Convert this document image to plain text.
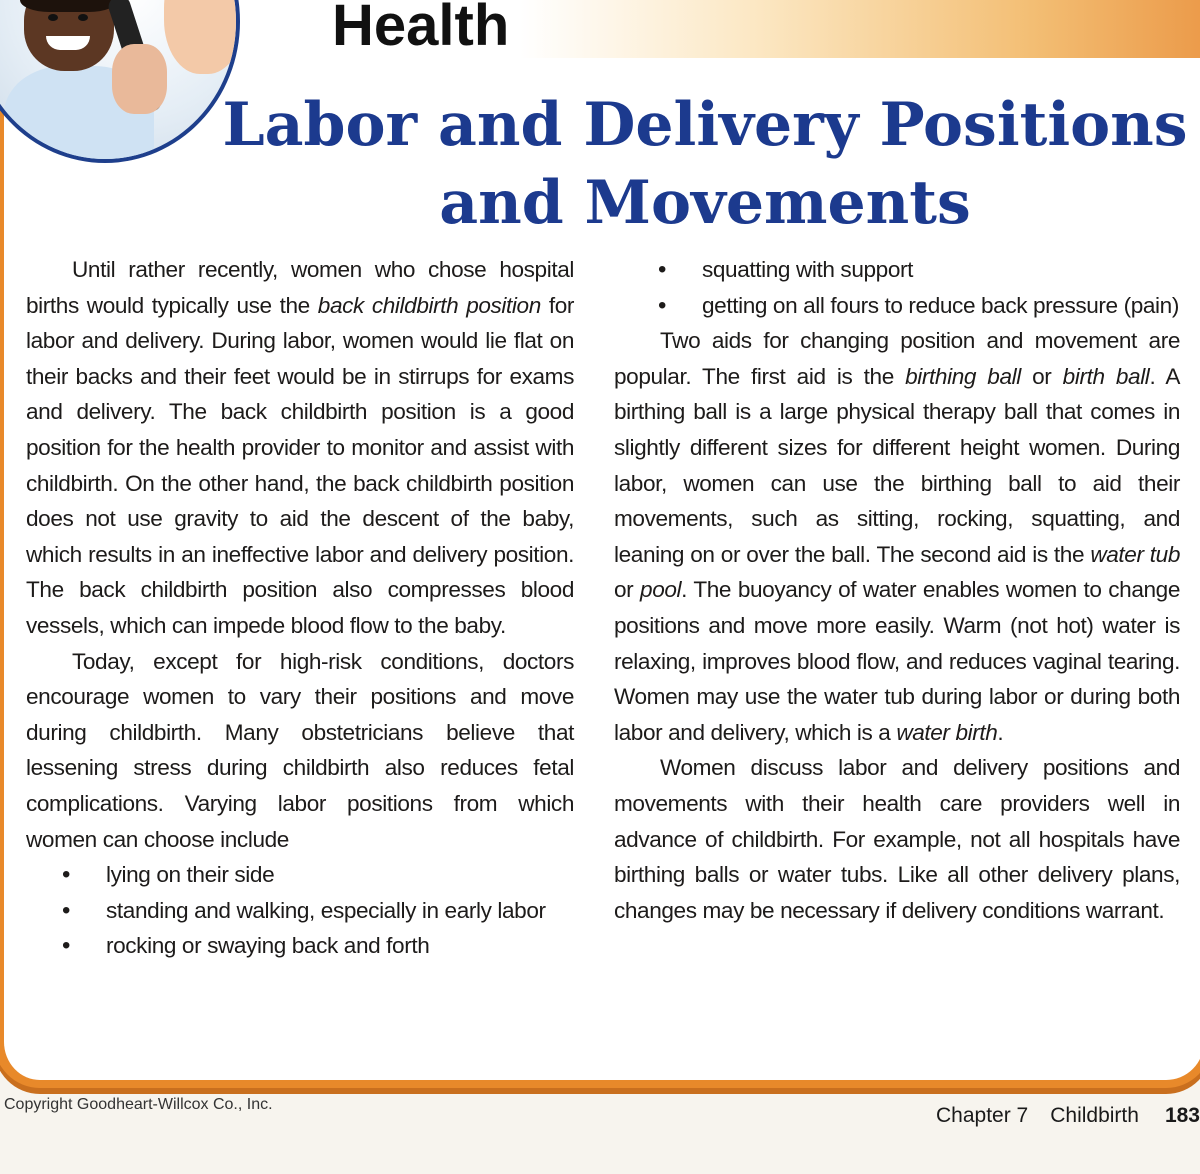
Health
Labor and Delivery Positions
and Movements

Until rather recently, women who chose hospital births would typically use the back childbirth position for labor and delivery. During labor, women would lie flat on their backs and their feet would be in stirrups for exams and delivery. The back childbirth position is a good position for the health provider to monitor and assist with childbirth. On the other hand, the back childbirth position does not use gravity to aid the descent of the baby, which results in an ineffective labor and delivery position. The back childbirth position also compresses blood vessels, which can impede blood flow to the baby.

Today, except for high-risk conditions, doctors encourage women to vary their positions and move during childbirth. Many obstetricians believe that lessening stress during childbirth also reduces fetal complications. Varying labor positions from which women can choose include

• lying on their side
• standing and walking, especially in early labor
• rocking or swaying back and forth
• squatting with support
• getting on all fours to reduce back pressure (pain)

Two aids for changing position and movement are popular. The first aid is the birthing ball or birth ball. A birthing ball is a large physical therapy ball that comes in slightly different sizes for different height women. During labor, women can use the birthing ball to aid their movements, such as sitting, rocking, squatting, and leaning on or over the ball. The second aid is the water tub or pool. The buoyancy of water enables women to change positions and move more easily. Warm (not hot) water is relaxing, improves blood flow, and reduces vaginal tearing. Women may use the water tub during labor or during both labor and delivery, which is a water birth.

Women discuss labor and delivery positions and movements with their health care providers well in advance of childbirth. For example, not all hospitals have birthing balls or water tubs. Like all other delivery plans, changes may be necessary if delivery conditions warrant.

Copyright Goodheart-Willcox Co., Inc.	Chapter 7 Childbirth 183
